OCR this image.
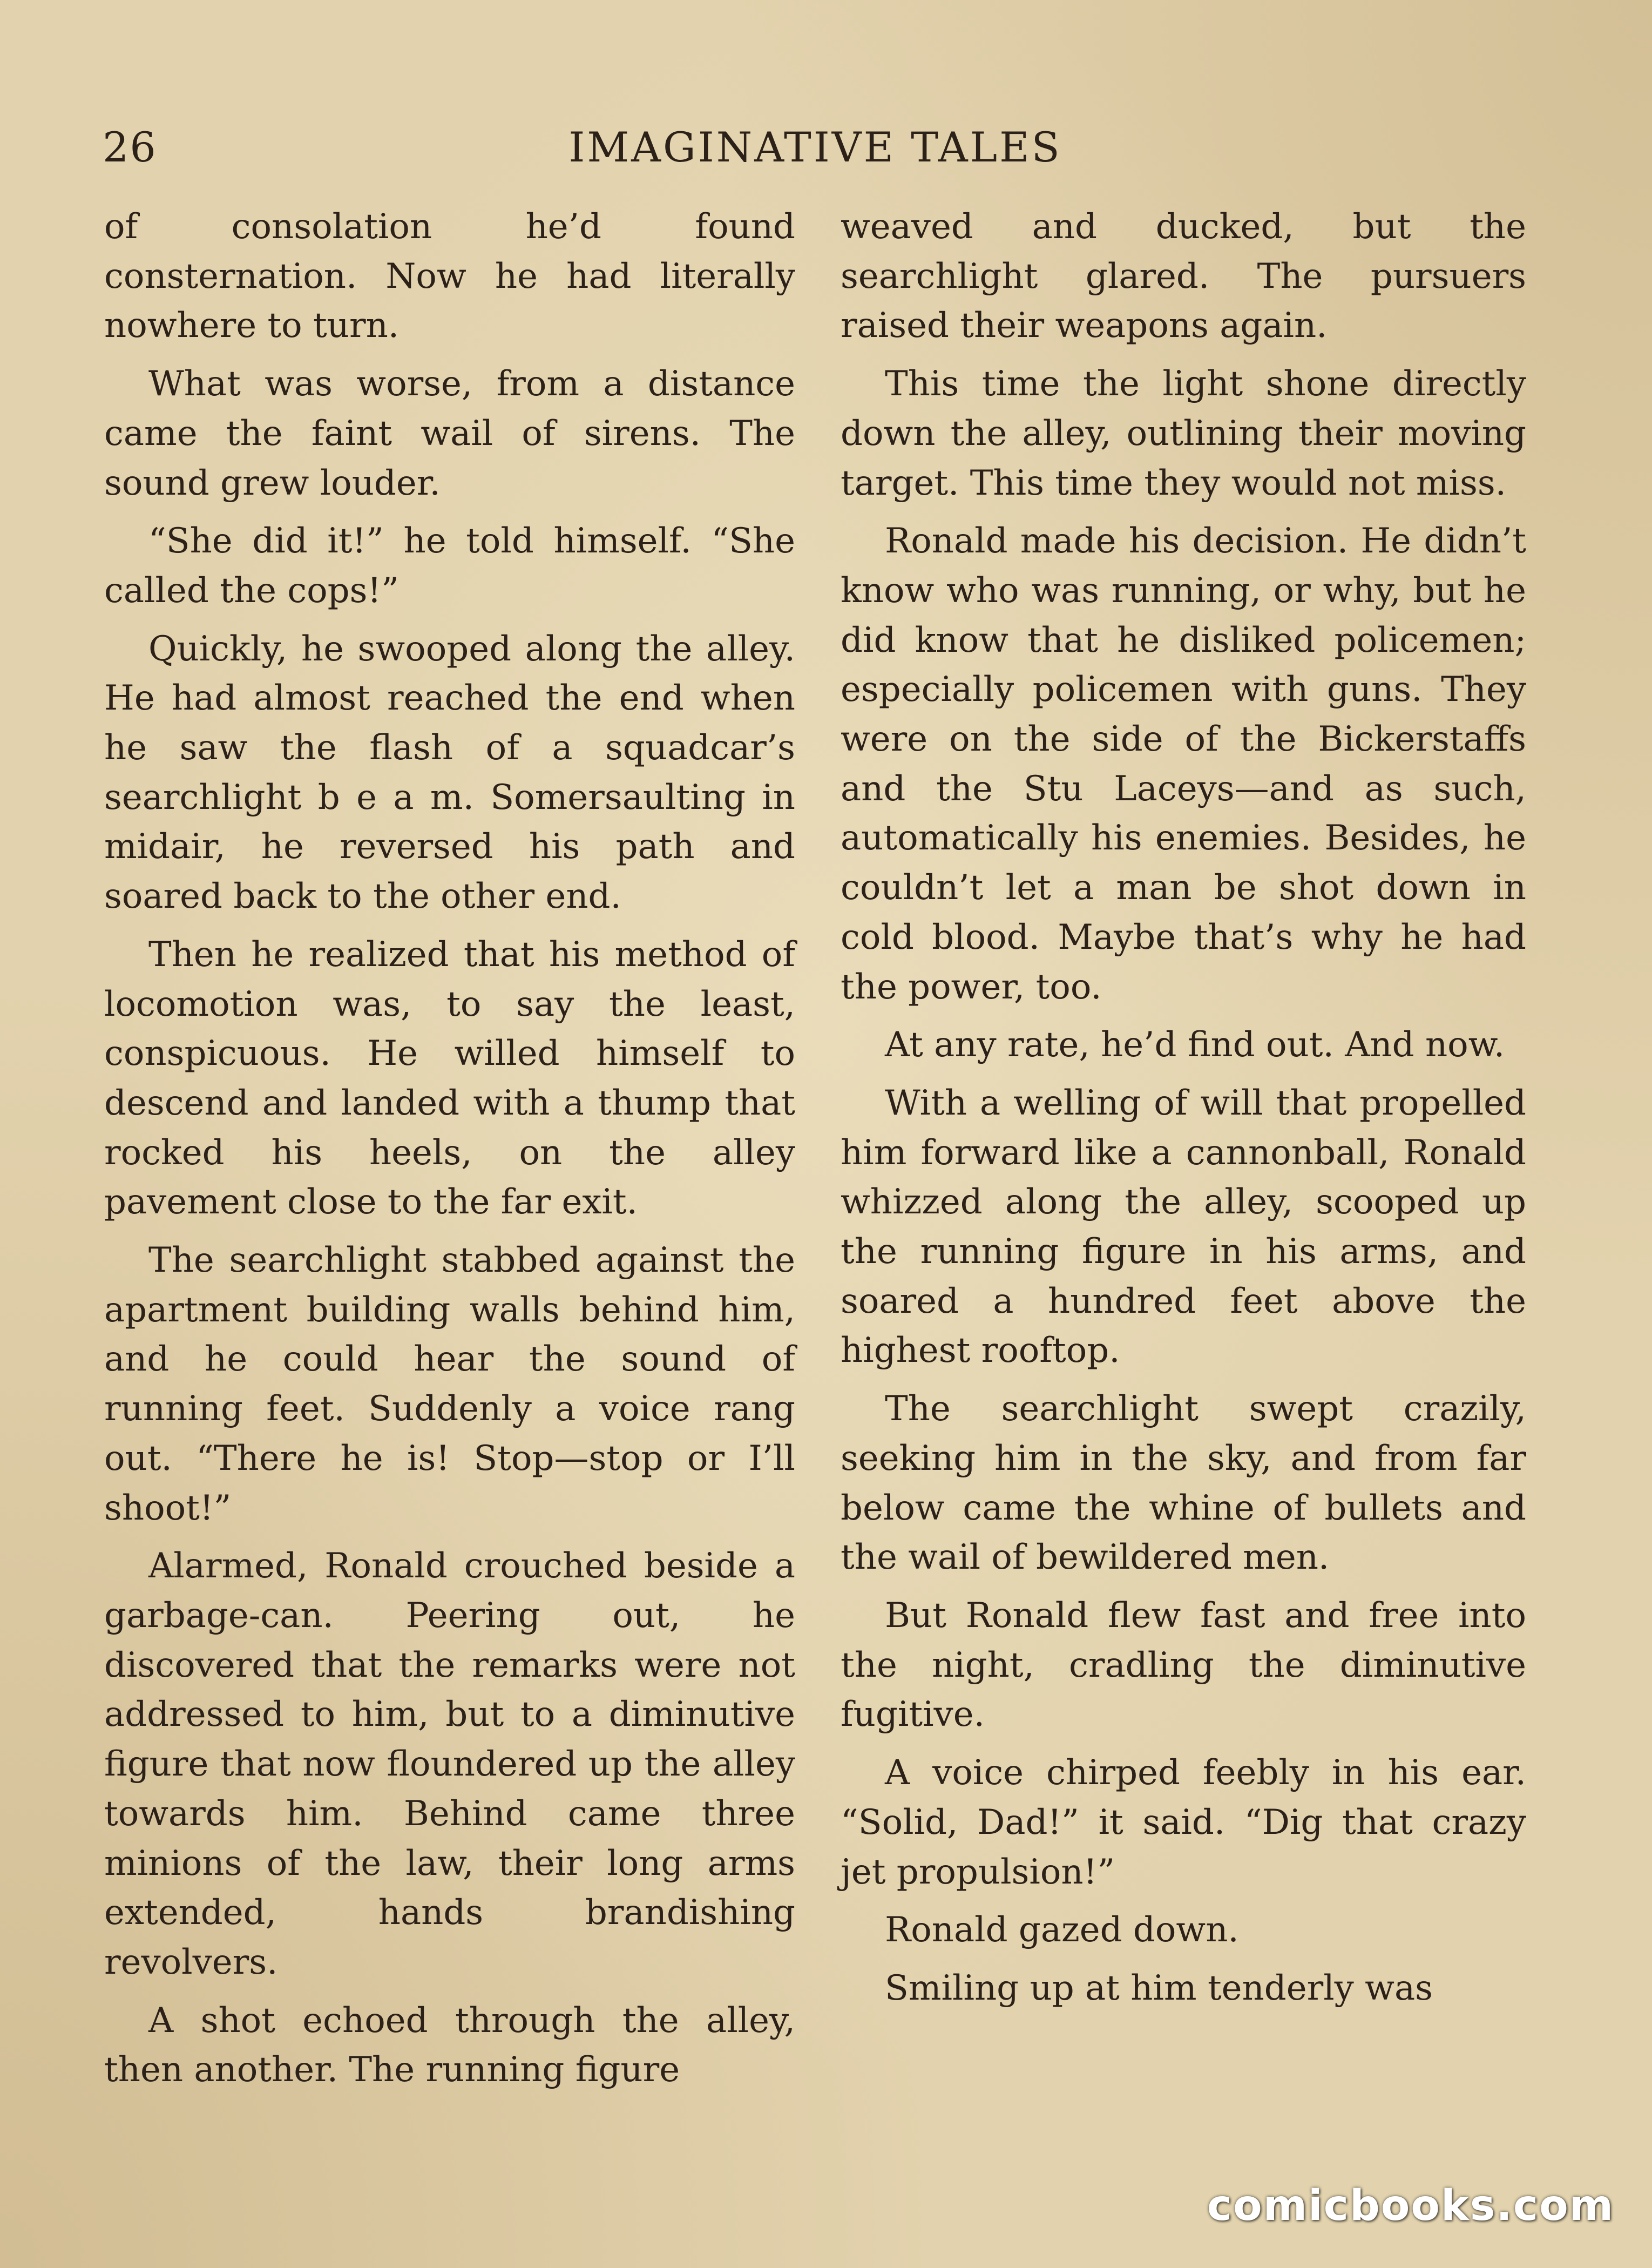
26	IMAGINATIVE TALES

of consolation he’d found consternation. Now he had literally nowhere to turn.

What was worse, from a distance came the faint wail of sirens. The sound grew louder.

“She did it!” he told himself. “She called the cops!”

Quickly, he swooped along the alley. He had almost reached the end when he saw the flash of a squadcar’s searchlight b e a m. Somersaulting in midair, he reversed his path and soared back to the other end.

Then he realized that his method of locomotion was, to say the least, conspicuous. He willed himself to descend and landed with a thump that rocked his heels, on the alley pavement close to the far exit.

The searchlight stabbed against the apartment building walls behind him, and he could hear the sound of running feet. Suddenly a voice rang out. “There he is! Stop—stop or I’ll shoot!”

Alarmed, Ronald crouched beside a garbage-can. Peering out, he discovered that the remarks were not addressed to him, but to a diminutive figure that now floundered up the alley towards him. Behind came three minions of the law, their long arms extended, hands brandishing revolvers.

A shot echoed through the alley, then another. The running figure

weaved and ducked, but the searchlight glared. The pursuers raised their weapons again.

This time the light shone directly down the alley, outlining their moving target. This time they would not miss.

Ronald made his decision. He didn’t know who was running, or why, but he did know that he disliked policemen; especially policemen with guns. They were on the side of the Bickerstaffs and the Stu Laceys—and as such, automatically his enemies. Besides, he couldn’t let a man be shot down in cold blood. Maybe that’s why he had the power, too.

At any rate, he’d find out. And now.

With a welling of will that propelled him forward like a cannonball, Ronald whizzed along the alley, scooped up the running figure in his arms, and soared a hundred feet above the highest rooftop.

The searchlight swept crazily, seeking him in the sky, and from far below came the whine of bullets and the wail of bewildered men.

But Ronald flew fast and free into the night, cradling the diminutive fugitive.

A voice chirped feebly in his ear. “Solid, Dad!” it said. “Dig that crazy jet propulsion!”

Ronald gazed down.

Smiling up at him tenderly was

comicbooks.com
